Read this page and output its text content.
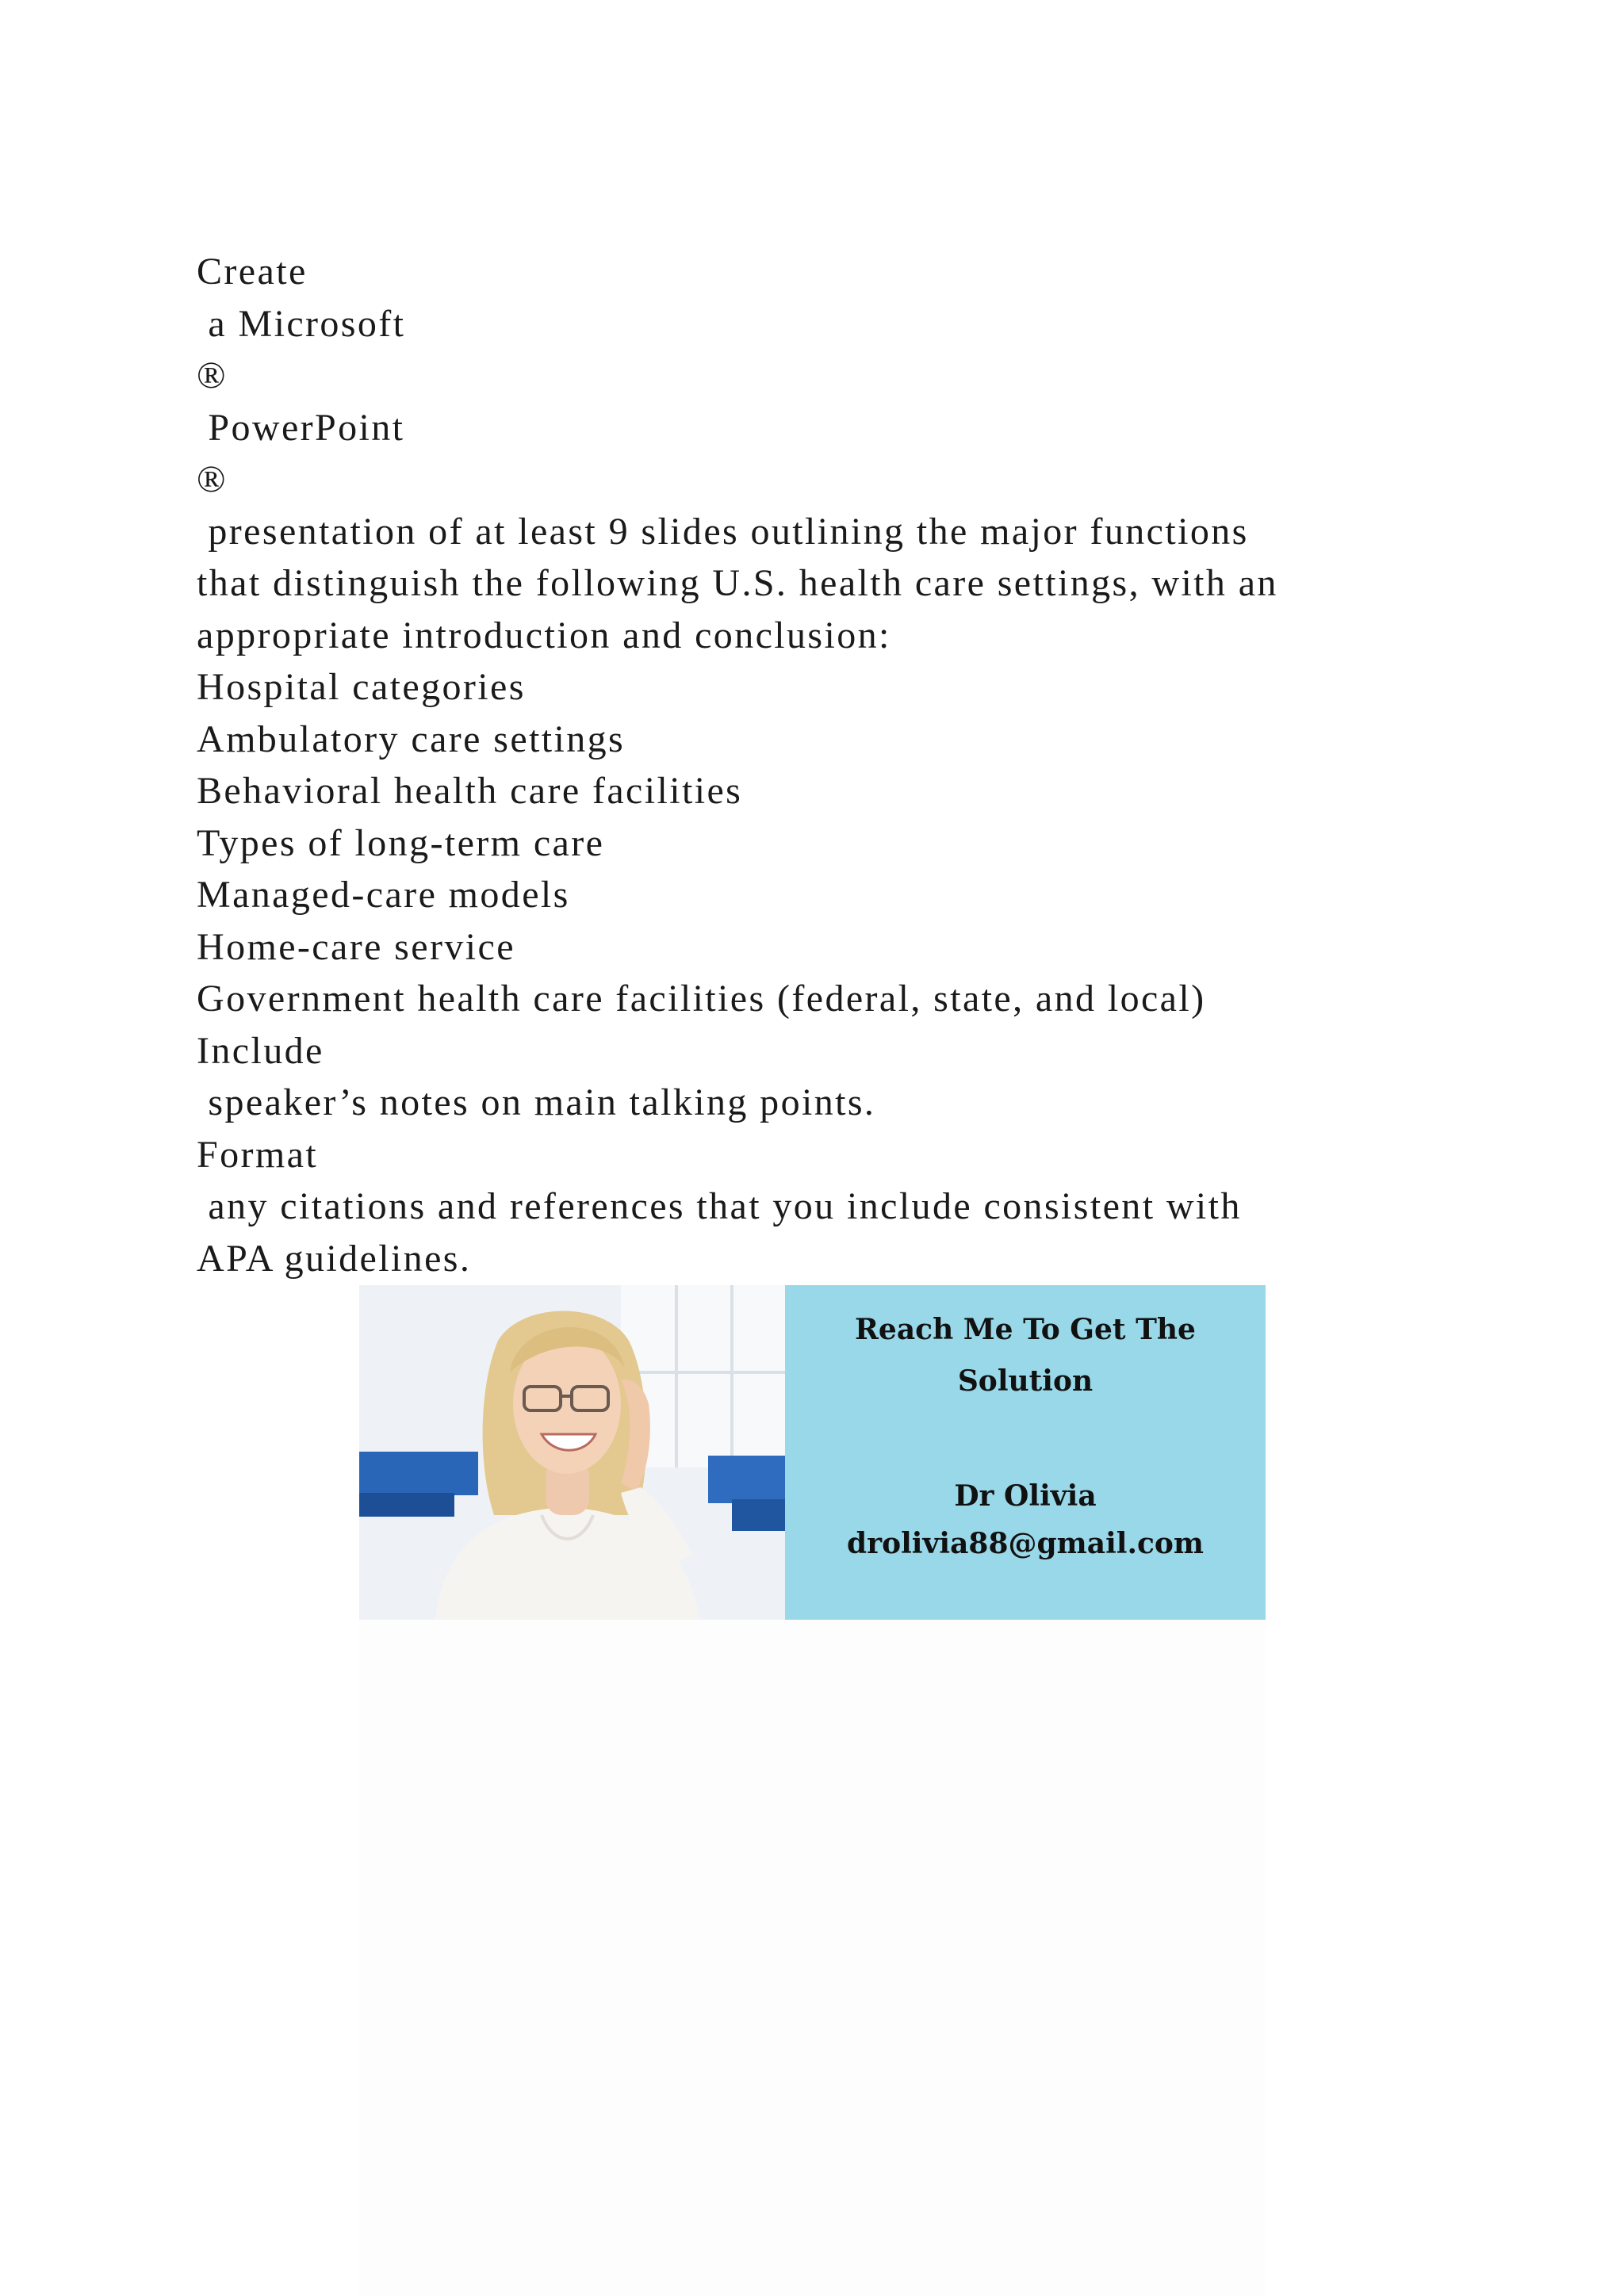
Create
a Microsoft
®
PowerPoint
®
presentation of at least 9 slides outlining the major functions
that distinguish the following U.S. health care settings, with an
appropriate introduction and conclusion:
Hospital categories
Ambulatory care settings
Behavioral health care facilities
Types of long-term care
Managed-care models
Home-care service
Government health care facilities (federal, state, and local)
Include
speaker’s notes on main talking points.
Format
any citations and references that you include consistent with
APA guidelines.
Reach Me To Get The
Solution
Dr Olivia
drolivia88@gmail.com
